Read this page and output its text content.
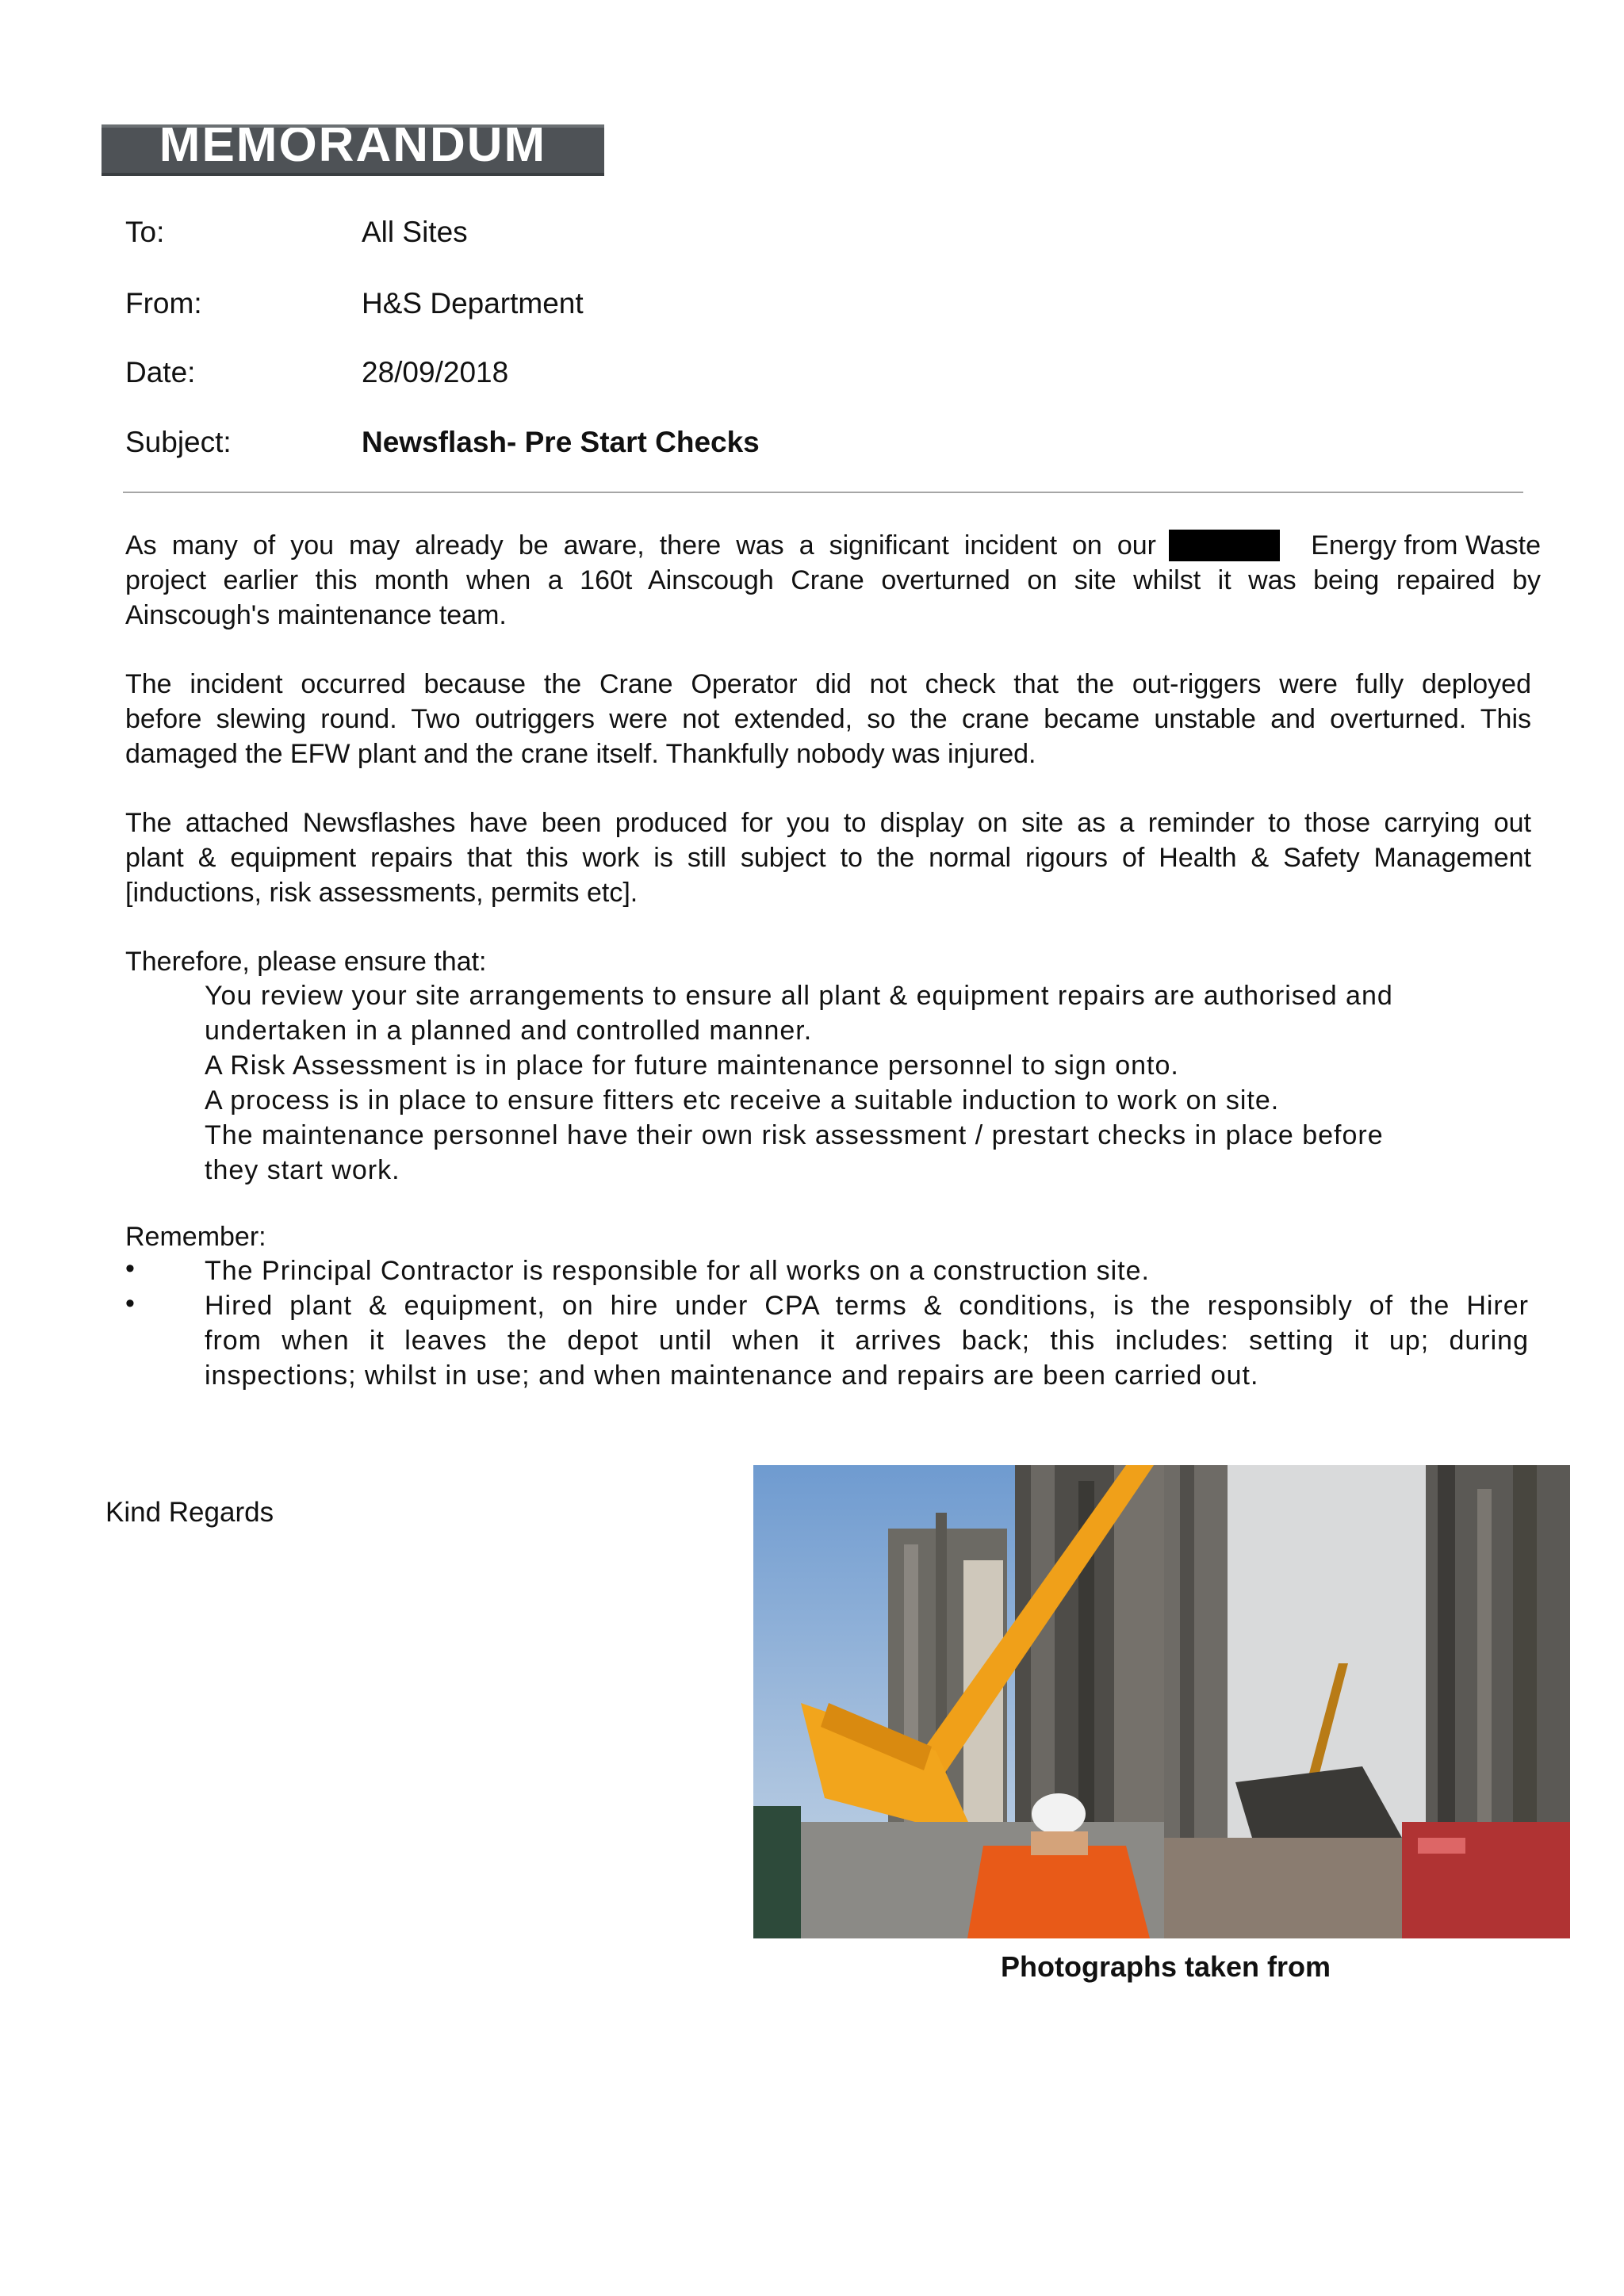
MEMORANDUM
To:	All Sites
From:	H&S Department
Date:	28/09/2018
Subject:	Newsflash- Pre Start Checks
As many of you may already be aware, there was a significant incident on our	Energy from Waste
project earlier this month when a 160t Ainscough Crane overturned on site whilst it was being repaired by
Ainscough's maintenance team.
The incident occurred because the Crane Operator did not check that the out-riggers were fully deployed
before slewing round. Two outriggers were not extended, so the crane became unstable and overturned. This
damaged the EFW plant and the crane itself. Thankfully nobody was injured.
The attached Newsflashes have been produced for you to display on site as a reminder to those carrying out
plant & equipment repairs that this work is still subject to the normal rigours of Health & Safety Management
[inductions, risk assessments, permits etc].
Therefore, please ensure that:
You review your site arrangements to ensure all plant & equipment repairs are authorised and
undertaken in a planned and controlled manner.
A Risk Assessment is in place for future maintenance personnel to sign onto.
A process is in place to ensure fitters etc receive a suitable induction to work on site.
The maintenance personnel have their own risk assessment / prestart checks in place before
they start work.
Remember:
•	The Principal Contractor is responsible for all works on a construction site.
•	Hired plant & equipment, on hire under CPA terms & conditions, is the responsibly of the Hirer
from when it leaves the depot until when it arrives back; this includes: setting it up; during
inspections; whilst in use; and when maintenance and repairs are been carried out.
Kind Regards
Photographs taken from
